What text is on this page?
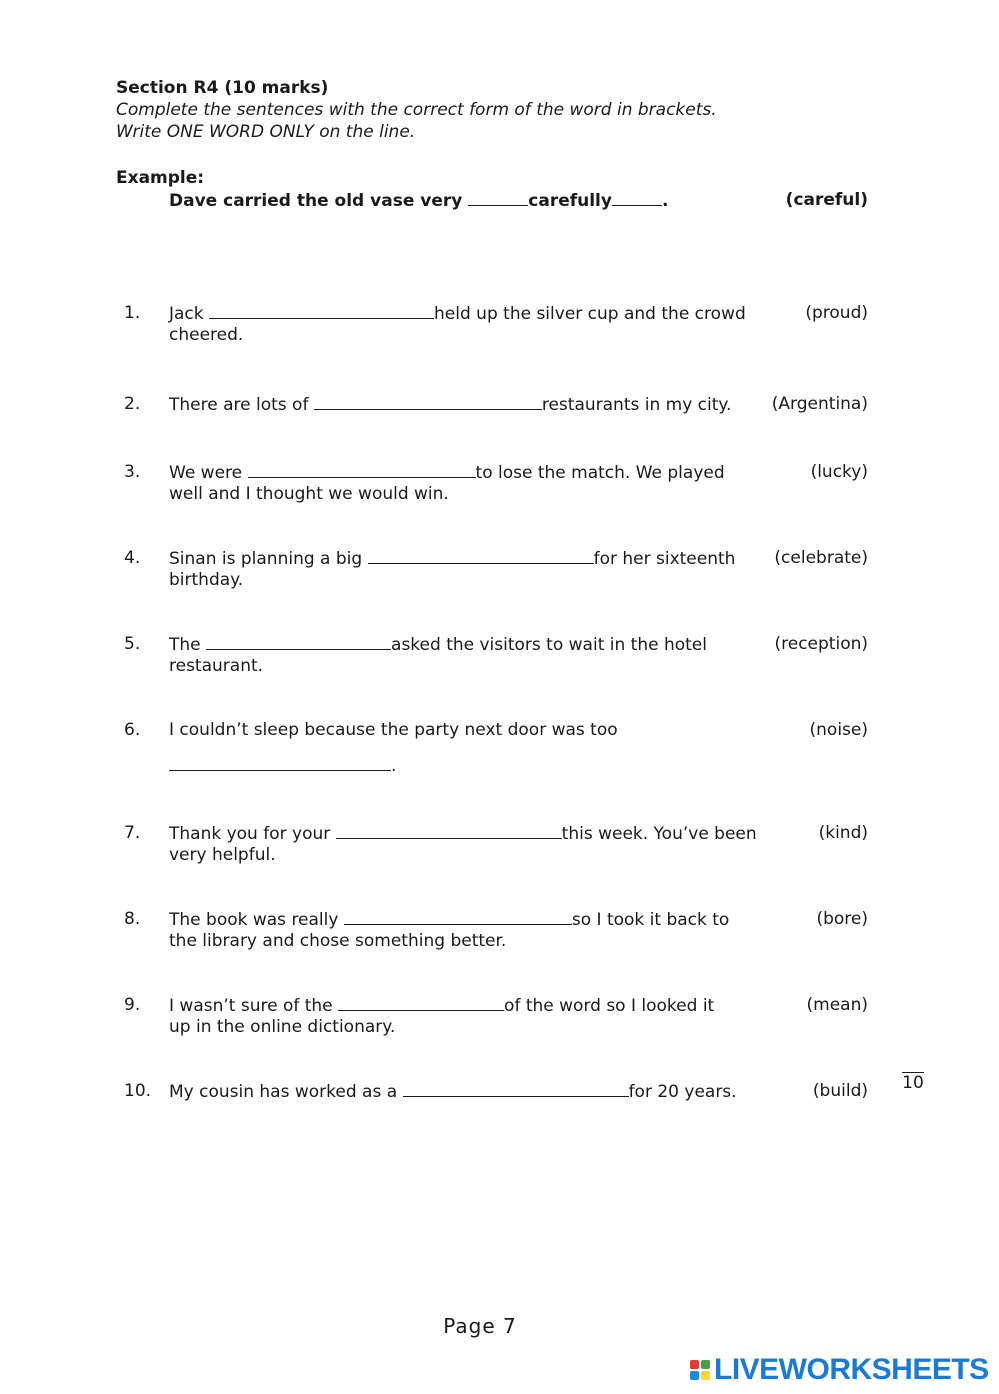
Section R4 (10 marks)
Complete the sentences with the correct form of the word in brackets.
Write ONE WORD ONLY on the line.
Example:
Dave carried the old vase very	carefully	.	(careful)
1. Jack	held up the silver cup and the crowd
cheered.
(proud)
2. There are lots of	restaurants in my city. (Argentina)
3. We were	to lose the match. We played
well and I thought we would win.
(lucky)
4. Sinan is planning a big	for her sixteenth
birthday.
(celebrate)
5. The	asked the visitors to wait in the hotel
restaurant.
(reception)
6. I couldn’t sleep because the party next door was too
.
(noise)
7. Thank you for your	this week. You’ve been
very helpful.
(kind)
8. The book was really	so I took it back to
the library and chose something better.
(bore)
9. I wasn’t sure of the	of the word so I looked it
up in the online dictionary.
(mean)
10. My cousin has worked as a	for 20 years.	(build) 10
Page 7
LIVEWORKSHEETS
